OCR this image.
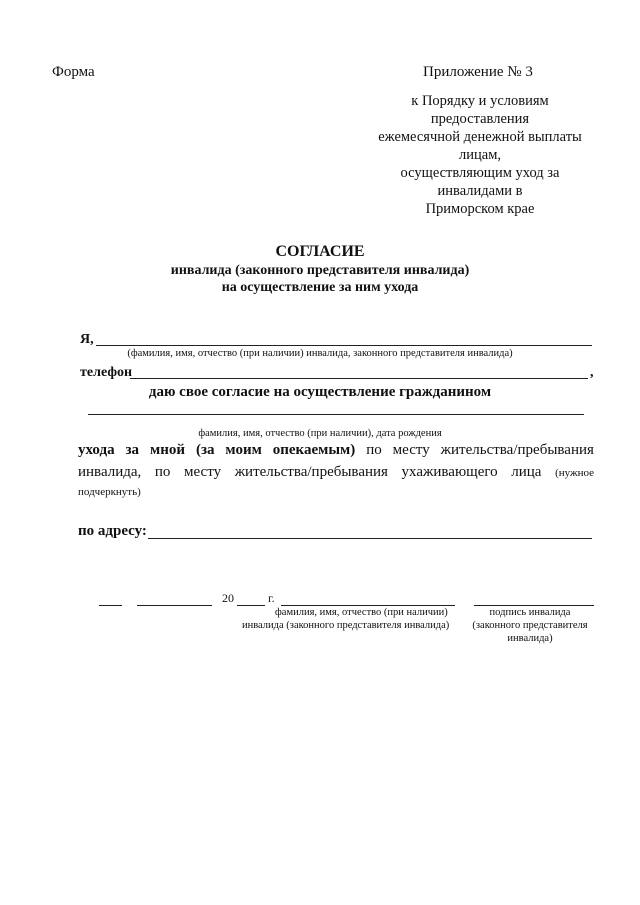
Форма	Приложение № 3
к Порядку и условиям
предоставления
ежемесячной денежной выплаты
лицам,
осуществляющим уход за
инвалидами в
Приморском крае
СОГЛАСИЕ
инвалида (законного представителя инвалида)
на осуществление за ним ухода
Я,
(фамилия, имя, отчество (при наличии) инвалида, законного представителя инвалида)
телефон	,
даю свое согласие на осуществление гражданином
фамилия, имя, отчество (при наличии), дата рождения
ухода за мной (за моим опекаемым) по месту жительства/пребывания
инвалида, по месту жительства/пребывания ухаживающего лица (нужное
подчеркнуть)
по адресу:
20	г.
фамилия, имя, отчество (при наличии)
инвалида (законного представителя инвалида)
подпись инвалида
(законного представителя
инвалида)
